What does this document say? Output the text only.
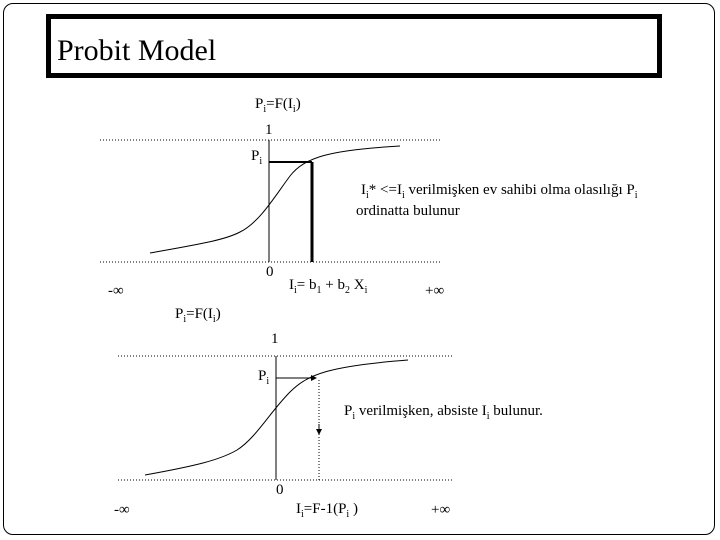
Probit Model
$P_i=F(I_i)$
1
$P_i$
0
-∞	+∞
$I_i= b_1 + b_2$ $X_i$
$I_i* <=I_i$ verilmişken ev sahibi olma olasılığı $P_i$
ordinatta bulunur
$P_i=F(I_i)$
1
$P_i$
0
-∞	+∞
$I_i=F-1(P_i$ )
$P_i$ verilmişken, absiste $I_i$ bulunur.
